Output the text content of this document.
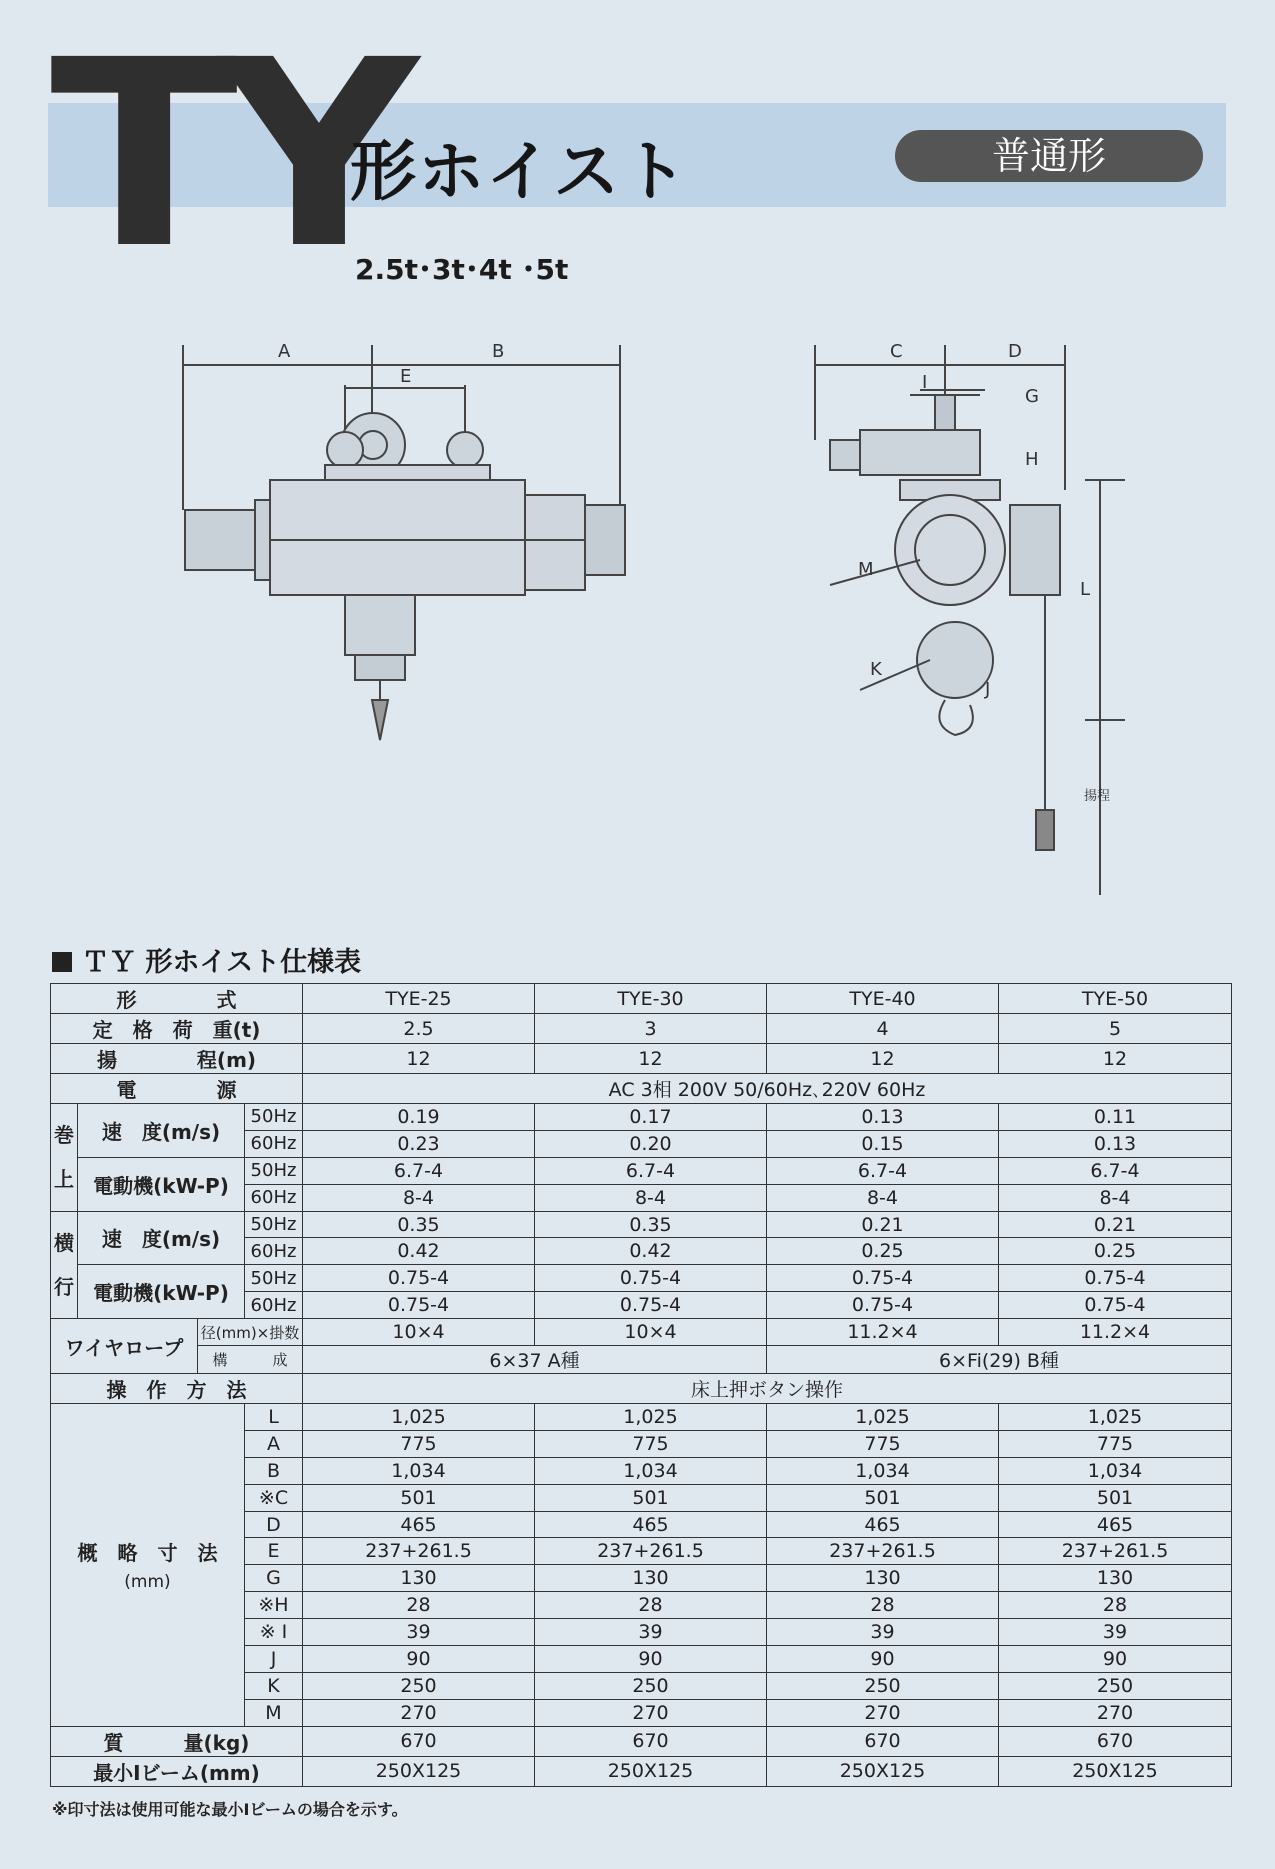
TY
形ホイスト	普通形
2.5t･3t･4t ･5t
A	B
E
C	D
I
G
H
M
L
K
J
揚程
ＴＹ 形ホイスト仕様表
形　　　　式				TYE-25	TYE-30	TYE-40	TYE-50
定　格　荷　重(t)				2.5	3	4	5
揚　　　　程(m)				12	12	12	12
電　　　　源				AC 3相 200V 50/60Hz､220V 60Hz			
巻

上	速　度(m/s)		50Hz	0.19	0.17	0.13	0.11
			60Hz	0.23	0.20	0.15	0.13
	電動機(kW-P)		50Hz	6.7-4	6.7-4	6.7-4	6.7-4
			60Hz	8-4	8-4	8-4	8-4
横

行	速　度(m/s)		50Hz	0.35	0.35	0.21	0.21
			60Hz	0.42	0.42	0.25	0.25
	電動機(kW-P)		50Hz	0.75-4	0.75-4	0.75-4	0.75-4
			60Hz	0.75-4	0.75-4	0.75-4	0.75-4
ワイヤロープ		径(mm)×掛数		10×4	10×4	11.2×4	11.2×4
		構　　　成		6×37 A種		6×Fi(29) B種	
操　作　方　法				床上押ボタン操作			

概　略　寸　法
(mm)			L	1,025	1,025	1,025	1,025
			A	775	775	775	775
			B	1,034	1,034	1,034	1,034
			※C	501	501	501	501
			D	465	465	465	465
			E	237+261.5	237+261.5	237+261.5	237+261.5
			G	130	130	130	130
			※H	28	28	28	28
			※ I	39	39	39	39
			J	90	90	90	90
			K	250	250	250	250
			M	270	270	270	270
質　　　量(kg)				670	670	670	670
最小Iビーム(mm)				250X125	250X125	250X125	250X125
※印寸法は使用可能な最小Iビームの場合を示す。
